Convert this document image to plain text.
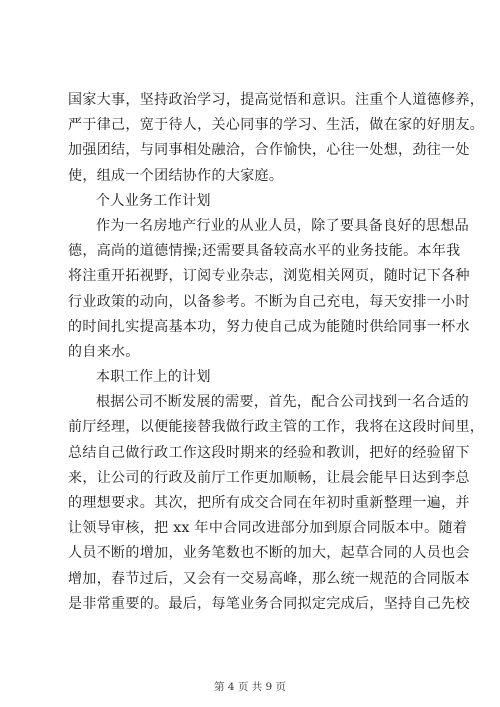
国家大事，坚持政治学习，提高觉悟和意识。注重个人道德修养，
严于律己，宽于待人，关心同事的学习、生活，做在家的好朋友。
加强团结，与同事相处融洽，合作愉快，心往一处想，劲往一处
使，组成一个团结协作的大家庭。
个人业务工作计划
作为一名房地产行业的从业人员，除了要具备良好的思想品
德，高尚的道德情操;还需要具备较高水平的业务技能。本年我
将注重开拓视野，订阅专业杂志，浏览相关网页，随时记下各种
行业政策的动向，以备参考。不断为自己充电，每天安排一小时
的时间扎实提高基本功，努力使自己成为能随时供给同事一杯水
的自来水。
本职工作上的计划
根据公司不断发展的需要，首先，配合公司找到一名合适的
前厅经理，以便能接替我做行政主管的工作，我将在这段时间里，
总结自己做行政工作这段时期来的经验和教训，把好的经验留下
来，让公司的行政及前厅工作更加顺畅，让晨会能早日达到李总
的理想要求。其次，把所有成交合同在年初时重新整理一遍，并
让领导审核，把 xx 年中合同改进部分加到原合同版本中。随着
人员不断的增加，业务笔数也不断的加大，起草合同的人员也会
增加，春节过后，又会有一交易高峰，那么统一规范的合同版本
是非常重要的。最后，每笔业务合同拟定完成后，坚持自己先校
第 4 页 共 9 页
